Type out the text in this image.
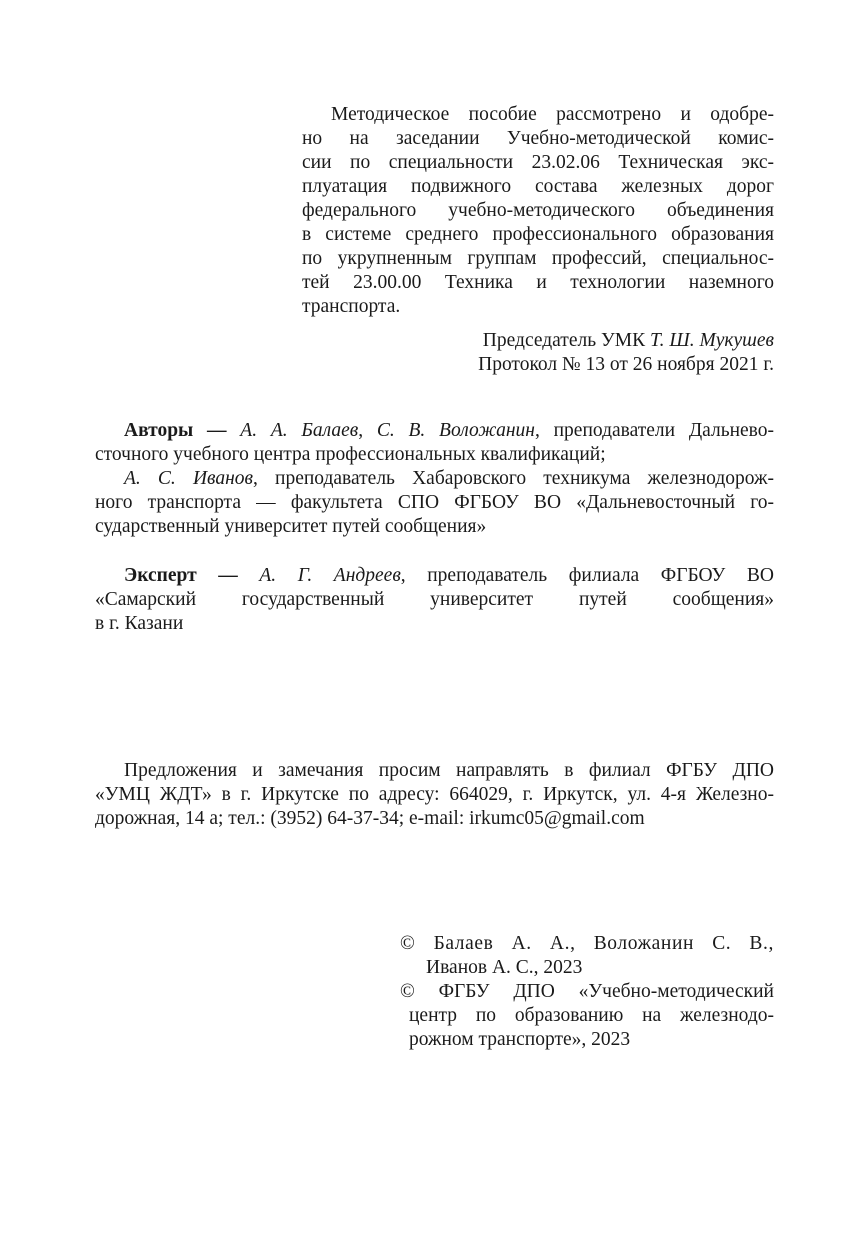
Методическое пособие рассмотрено и одобре-
но на заседании Учебно-методической комис-
сии по специальности 23.02.06 Техническая экс-
плуатация подвижного состава железных дорог
федерального учебно-методического объединения
в системе среднего профессионального образования
по укрупненным группам профессий, специальнос-
тей 23.00.00 Техника и технологии наземного
транспорта.
Председатель УМК Т. Ш. Мукушев
Протокол № 13 от 26 ноября 2021 г.
Авторы — А. А. Балаев, С. В. Воложанин, преподаватели Дальнево-
сточного учебного центра профессиональных квалификаций;
А. С. Иванов, преподаватель Хабаровского техникума железнодорож-
ного транспорта — факультета СПО ФГБОУ ВО «Дальневосточный го-
сударственный университет путей сообщения»
Эксперт — А. Г. Андреев, преподаватель филиала ФГБОУ ВО
«Самарский государственный университет путей сообщения»
в г. Казани
Предложения и замечания просим направлять в филиал ФГБУ ДПО
«УМЦ ЖДТ» в г. Иркутске по адресу: 664029, г. Иркутск, ул. 4-я Железно-
дорожная, 14 а; тел.: (3952) 64-37-34; e-mail: irkumc05@gmail.com
© Балаев А. А., Воложанин С. В.,
Иванов А. С., 2023
© ФГБУ ДПО «Учебно-методический
центр по образованию на железнодо-
рожном транспорте», 2023
